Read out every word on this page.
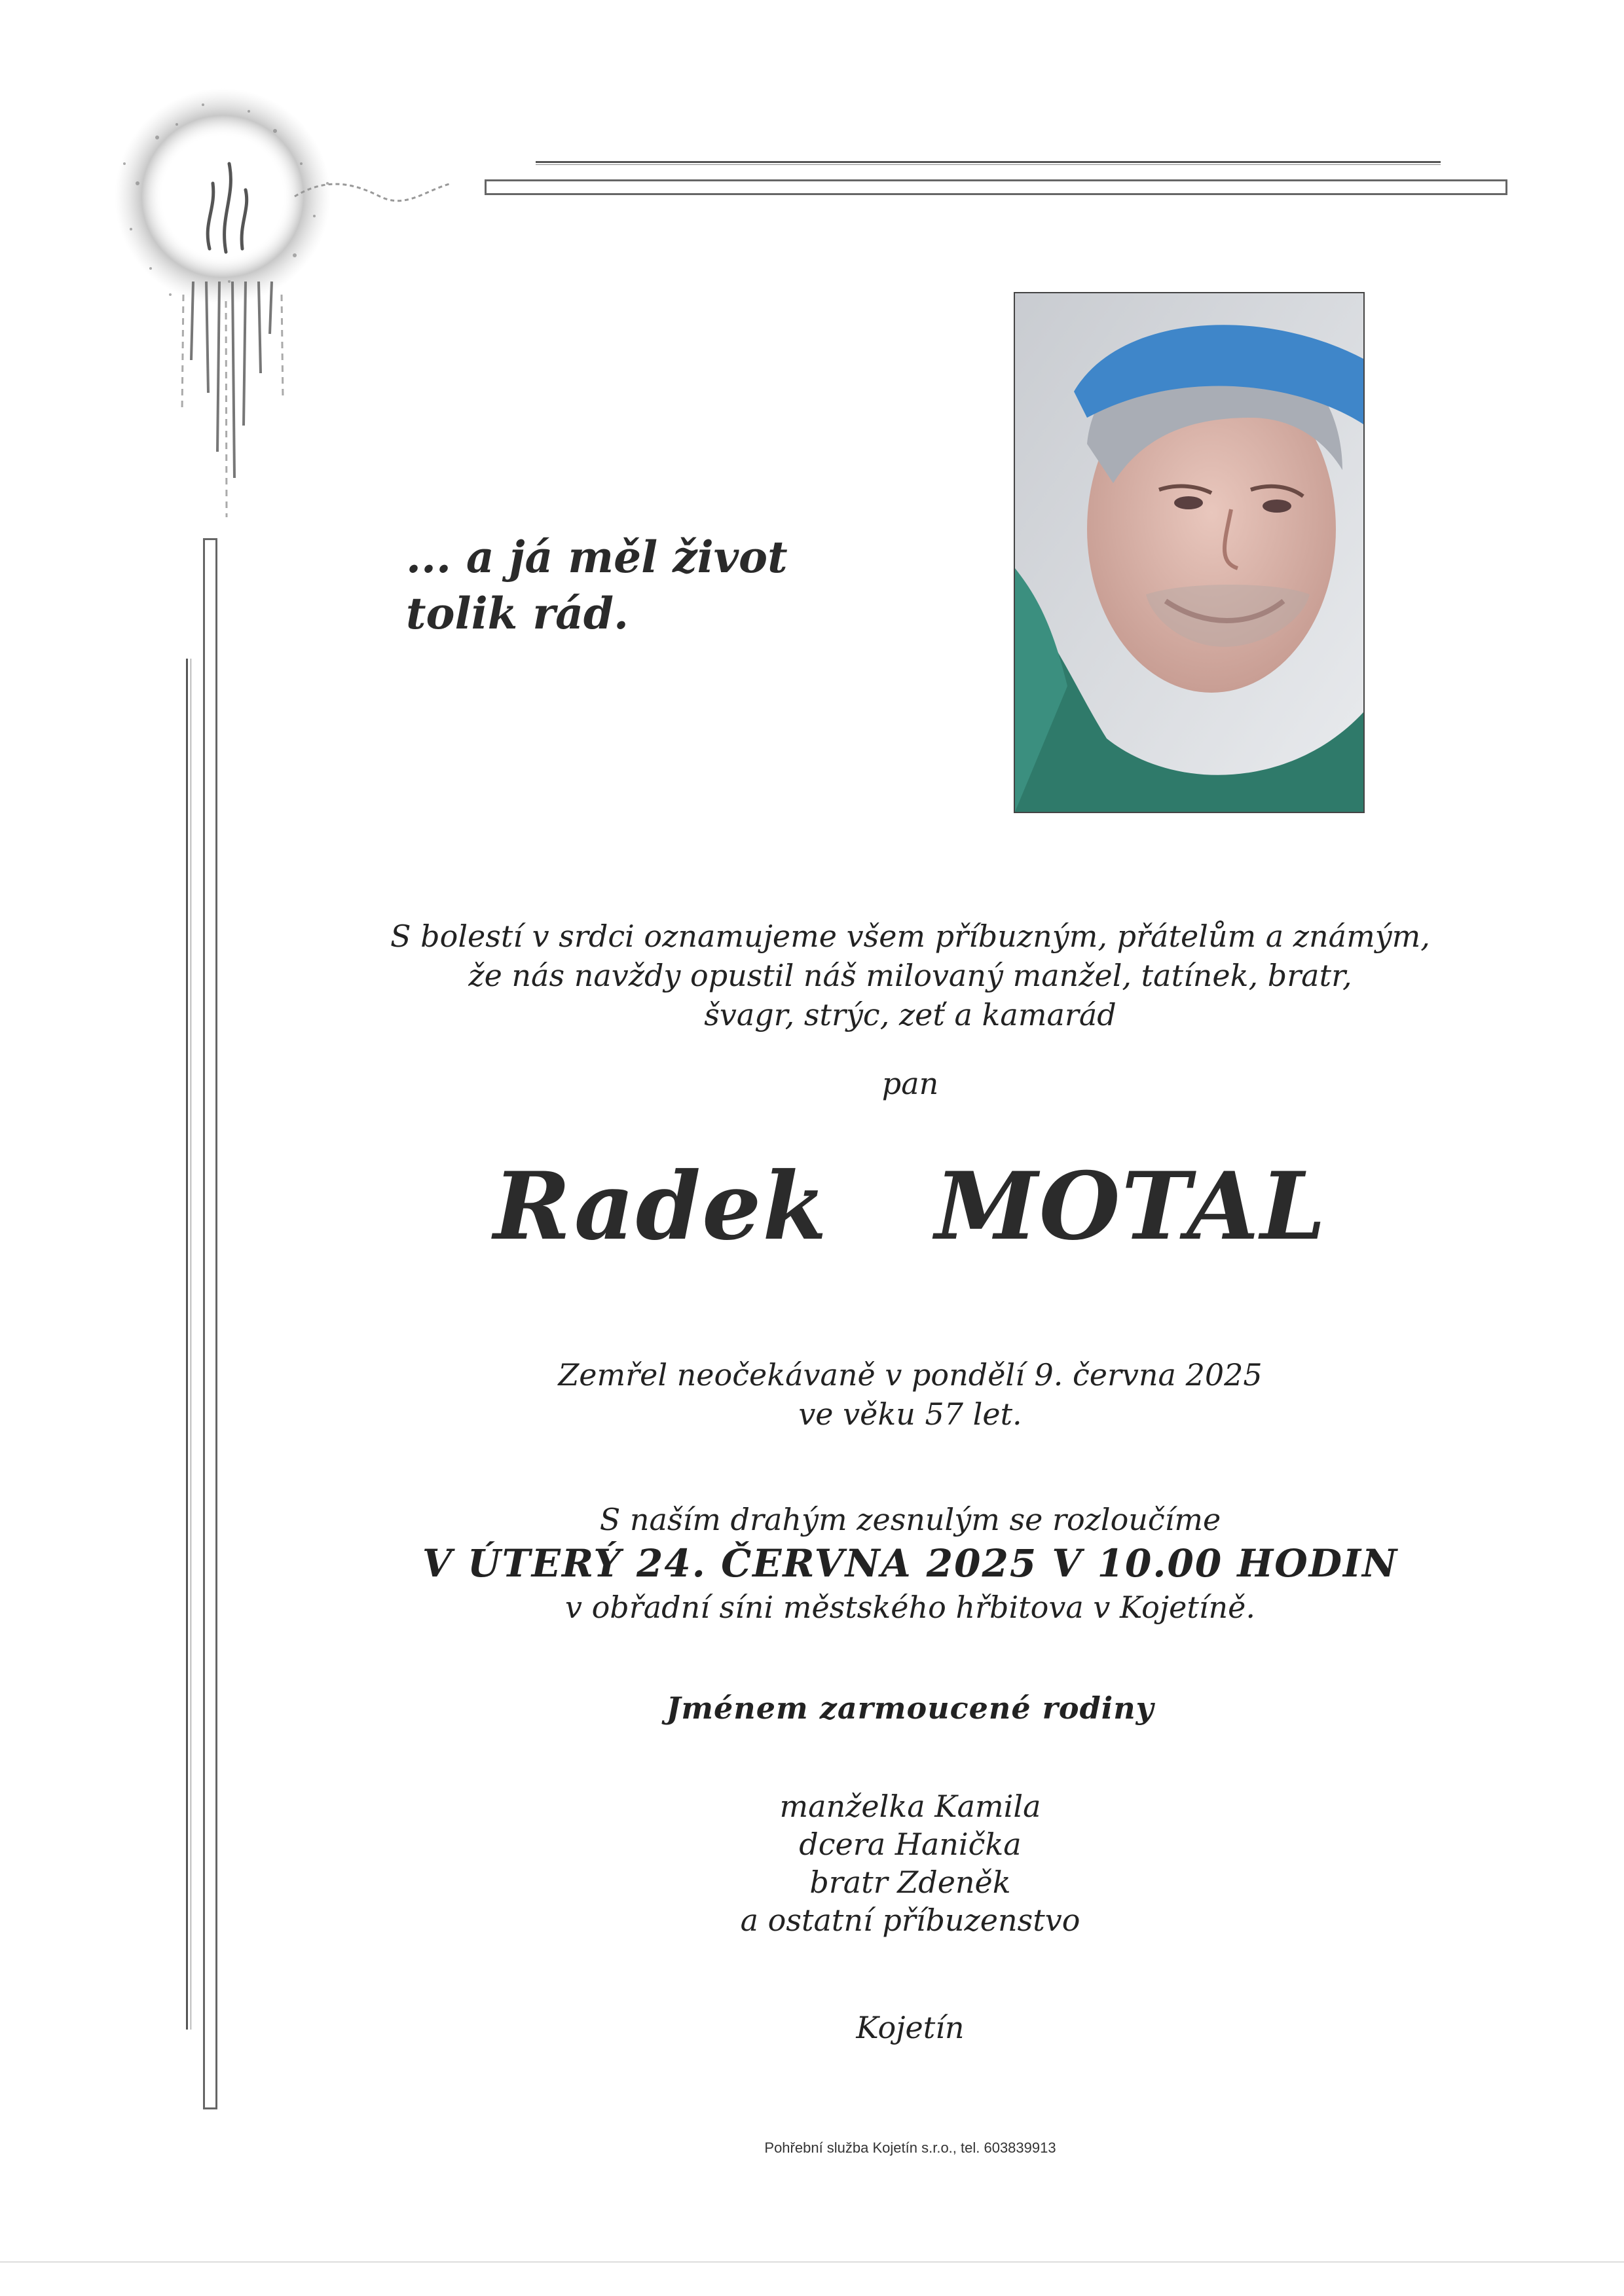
... a já měl život
tolik rád.
S bolestí v srdci oznamujeme všem příbuzným, přátelům a známým,
že nás navždy opustil náš milovaný manžel, tatínek, bratr,
švagr, strýc, zeť a kamarád
pan
Radek  MOTAL
Zemřel neočekávaně v pondělí 9. června 2025
ve věku 57 let.
S naším drahým zesnulým se rozloučíme
V ÚTERÝ 24. ČERVNA 2025 V 10.00 HODIN
v obřadní síni městského hřbitova v Kojetíně.
Jménem zarmoucené rodiny
manželka Kamila
dcera Hanička
bratr Zdeněk
a ostatní příbuzenstvo
Kojetín
Pohřební služba Kojetín s.r.o., tel. 603839913
